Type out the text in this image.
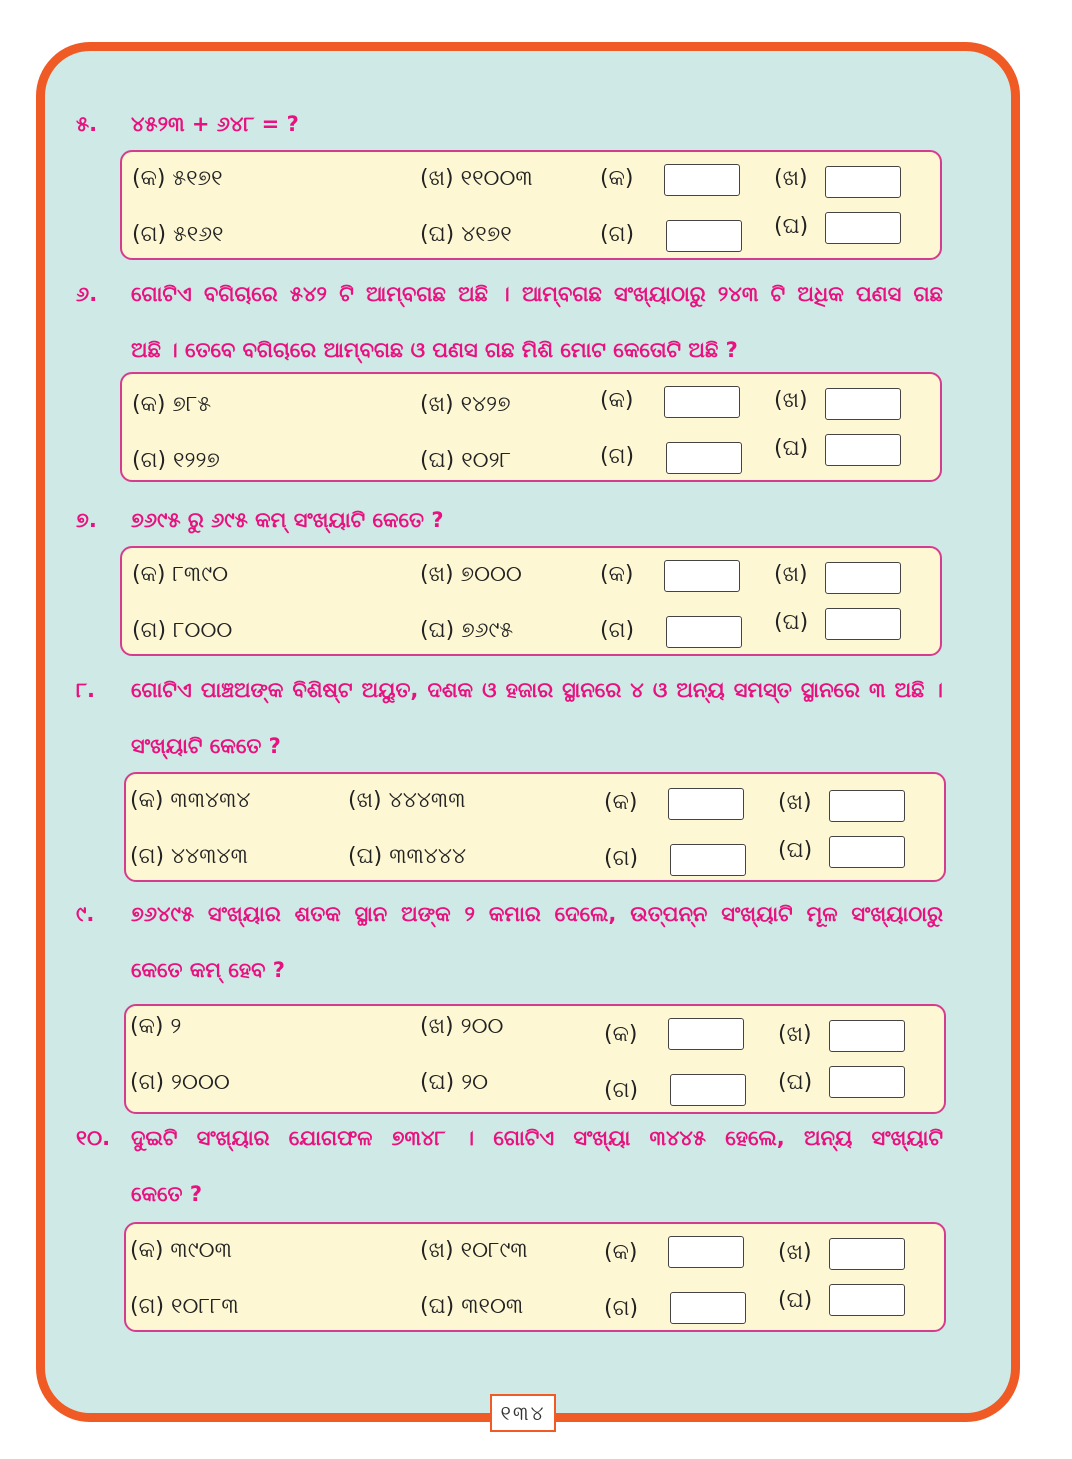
୫. ୪୫୨୩ + ୬୪୮ = ?
(କ) ୫୧୭୧	(ଖ) ୧୧୦୦୩
(ଗ) ୫୧୬୧	(ଘ) ୪୧୭୧
(କ)	(ଖ)
(ଗ)	(ଘ)
୬. ଗୋଟିଏ ବଗିଚାରେ ୫୪୨ ଟି ଆମ୍ବଗଛ ଅଛି । ଆମ୍ବଗଛ ସଂଖ୍ୟାଠାରୁ ୨୪୩ ଟି ଅଧିକ ପଣସ ଗଛ
ଅଛି । ତେବେ ବଗିଚାରେ ଆମ୍ବଗଛ ଓ ପଣସ ଗଛ ମିଶି ମୋଟ କେତୋଟି ଅଛି ?
(କ) ୭୮୫	(ଖ) ୧୪୨୭
(ଗ) ୧୨୨୭	(ଘ) ୧୦୨୮
(କ)	(ଖ)
(ଗ)	(ଘ)
୭. ୭୬୯୫ ରୁ ୬୯୫ କମ୍ ସଂଖ୍ୟାଟି କେତେ ?
(କ) ୮୩୯୦	(ଖ) ୭୦୦୦
(ଗ) ୮୦୦୦	(ଘ) ୭୬୯୫
(କ)	(ଖ)
(ଗ)	(ଘ)
୮. ଗୋଟିଏ ପାଞ୍ଚଅଙ୍କ ବିଶିଷ୍ଟ ଅୟୁତ, ଦଶକ ଓ ହଜାର ସ୍ଥାନରେ ୪ ଓ ଅନ୍ୟ ସମସ୍ତ ସ୍ଥାନରେ ୩ ଅଛି ।
ସଂଖ୍ୟାଟି କେତେ ?
(କ) ୩୩୪୩୪	(ଖ) ୪୪୪୩୩
(ଗ) ୪୪୩୪୩	(ଘ) ୩୩୪୪୪
(କ)	(ଖ)
(ଗ)	(ଘ)
୯. ୭୬୪୯୫ ସଂଖ୍ୟାର ଶତକ ସ୍ଥାନ ଅଙ୍କ ୨ କମାର ଦେଲେ, ଉତ୍ପନ୍ନ ସଂଖ୍ୟାଟି ମୂଳ ସଂଖ୍ୟାଠାରୁ
କେତେ କମ୍ ହେବ ?
(କ) ୨	(ଖ) ୨୦୦
(ଗ) ୨୦୦୦	(ଘ) ୨୦
(କ)	(ଖ)
(ଗ)	(ଘ)
୧୦. ଦୁଇଟି ସଂଖ୍ୟାର ଯୋଗଫଳ ୭୩୪୮ । ଗୋଟିଏ ସଂଖ୍ୟା ୩୪୪୫ ହେଲେ, ଅନ୍ୟ ସଂଖ୍ୟାଟି
କେତେ ?
(କ) ୩୯୦୩	(ଖ) ୧୦୮୯୩
(ଗ) ୧୦୮୮୩	(ଘ) ୩୧୦୩
(କ)	(ଖ)
(ଗ)	(ଘ)
୧୩୪
